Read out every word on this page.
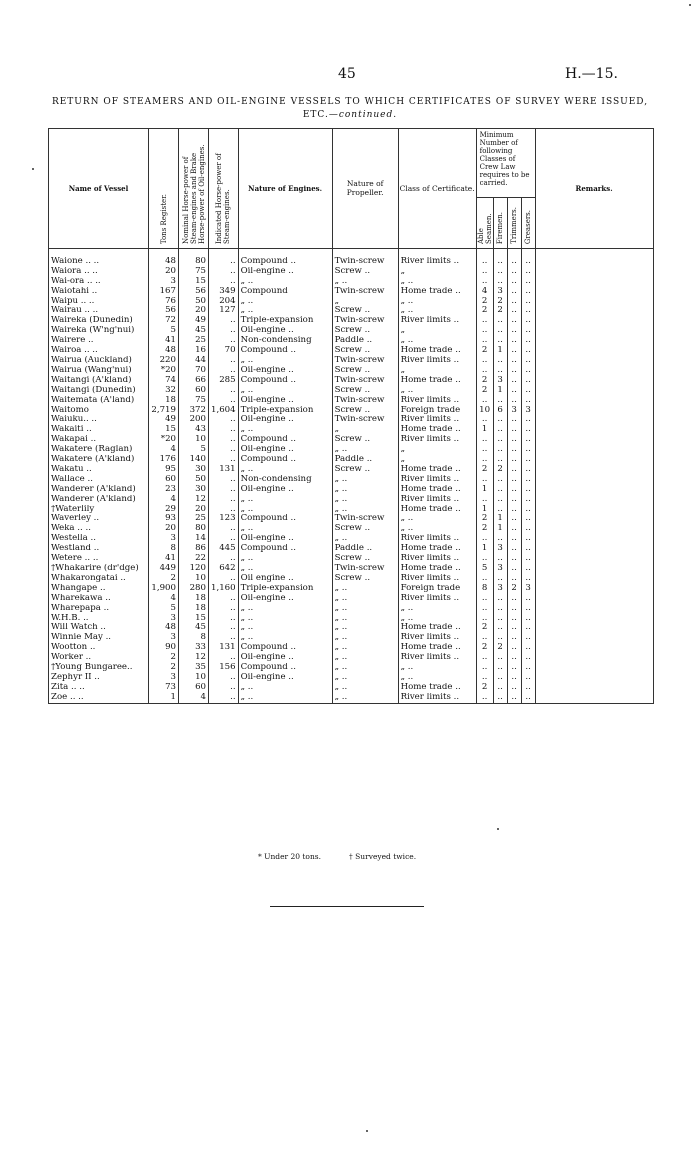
45	H.—15.
RETURN OF STEAMERS AND OIL-ENGINE VESSELS TO WHICH CERTIFICATES OF SURVEY WERE ISSUED, ETC.—continued.
Name of Vessel	Tons Register.	Nominal Horse-power of Steam-engines and Brake Horse-power of Oil-engines.	Indicated Horse-power of Steam-engines.	Nature of Engines.	Nature of Propeller.	Class of Certificate.	Minimum Number of following Classes of Crew Law requires to be carried.				Remarks.
							Able Seamen.	Firemen.	Trimmers.	Greasers.	

Waione .. ..	48	80	..	Compound ..	Twin-screw	River limits ..	..	..	..	..	
Waiora .. ..	20	75	..	Oil-engine ..	Screw ..	„	..	..	..	..	
Wai-ora .. ..	3	15	..	„ ..	„ ..	„ ..	..	..	..	..	
Waiotahi ..	167	56	349	Compound	Twin-screw	Home trade ..	4	3	..	..	
Waipu .. ..	76	50	204	„ ..	„	„ ..	2	2	..	..	
Wairau .. ..	56	20	127	„ ..	Screw ..	„ ..	2	2	..	..	
Waireka (Dunedin)	72	49	..	Triple-expansion	Twin-screw	River limits ..	..	..	..	..	
Waireka (W'ng'nui)	5	45	..	Oil-engine ..	Screw ..	„	..	..	..	..	
Wairere ..	41	25	..	Non-condensing	Paddle ..	„ ..	..	..	..	..	
Wairoa .. ..	48	16	70	Compound ..	Screw ..	Home trade ..	2	1	..	..	
Wairua (Auckland)	220	44	..	„ ..	Twin-screw	River limits ..	..	..	..	..	
Wairua (Wang'nui)	*20	70	..	Oil-engine ..	Screw ..	„	..	..	..	..	
Waitangi (A'kland)	74	66	285	Compound ..	Twin-screw	Home trade ..	2	3	..	..	
Waitangi (Dunedin)	32	60	..	„ ..	Screw ..	„ ..	2	1	..	..	
Waitemata (A'land)	18	75	..	Oil-engine ..	Twin-screw	River limits ..	..	..	..	..	
Waitomo	2,719	372	1,604	Triple-expansion	Screw ..	Foreign trade	10	6	3	3	
Waiuku.. ..	49	200	..	Oil-engine ..	Twin-screw	River limits ..	..	..	..	..	
Wakaiti ..	15	43	..	„ ..	„	Home trade ..	1	..	..	..	
Wakapai ..	*20	10	..	Compound ..	Screw ..	River limits ..	..	..	..	..	
Wakatere (Raglan)	4	5	..	Oil-engine ..	„ ..	„	..	..	..	..	
Wakatere (A'kland)	176	140	..	Compound ..	Paddle ..	„	..	..	..	..	
Wakatu ..	95	30	131	„ ..	Screw ..	Home trade ..	2	2	..	..	
Wallace ..	60	50	..	Non-condensing	„ ..	River limits ..	..	..	..	..	
Wanderer (A'kland)	23	30	..	Oil-engine ..	„ ..	Home trade ..	1	..	..	..	
Wanderer (A'kland)	4	12	..	„ ..	„ ..	River limits ..	..	..	..	..	
†Waterlily	29	20	..	„ ..	„ ..	Home trade ..	1	..	..	..	
Waverley ..	93	25	123	Compound ..	Twin-screw	„ ..	2	1	..	..	
Weka .. ..	20	80	..	„ ..	Screw ..	„ ..	2	1	..	..	
Westella ..	3	14	..	Oil-engine ..	„ ..	River limits ..	..	..	..	..	
Westland ..	8	86	445	Compound ..	Paddle ..	Home trade ..	1	3	..	..	
Wetere .. ..	41	22	..	„ ..	Screw ..	River limits ..	..	..	..	..	
†Whakarire (dr'dge)	449	120	642	„ ..	Twin-screw	Home trade ..	5	3	..	..	
Whakarongatai ..	2	10	..	Oil engine ..	Screw ..	River limits ..	..	..	..	..	
Whangape ..	1,900	280	1,160	Triple-expansion	„ ..	Foreign trade	8	3	2	3	
Wharekawa ..	4	18	..	Oil-engine ..	„ ..	River limits ..	..	..	..	..	
Wharepapa ..	5	18	..	„ ..	„ ..	„ ..	..	..	..	..	
W.H.B. ..	3	15	..	„ ..	„ ..	„ ..	..	..	..	..	
Will Watch ..	48	45	..	„ ..	„ ..	Home trade ..	2	..	..	..	
Winnie May ..	3	8	..	„ ..	„ ..	River limits ..	..	..	..	..	
Wootton ..	90	33	131	Compound ..	„ ..	Home trade ..	2	2	..	..	
Worker ..	2	12	..	Oil-engine ..	„ ..	River limits ..	..	..	..	..	
†Young Bungaree..	2	35	156	Compound ..	„ ..	„ ..	..	..	..	..	
Zephyr II ..	3	10	..	Oil-engine ..	„ ..	„ ..	..	..	..	..	
Zita .. ..	73	60	..	„ ..	„ ..	Home trade ..	2	..	..	..	
Zoe .. ..	1	4	..	„ ..	„ ..	River limits ..	..	..	..	..	
* Under 20 tons.	† Surveyed twice.
